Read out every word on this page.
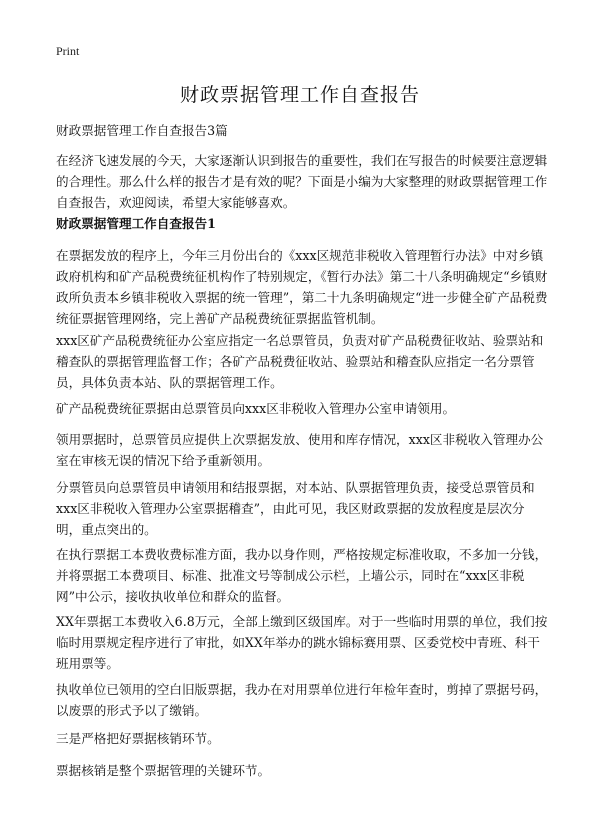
Print
财政票据管理工作自查报告

财政票据管理工作自查报告3篇

在经济飞速发展的今天，大家逐渐认识到报告的重要性，我们在写报告的时候要注意逻辑的合理性。那么什么样的报告才是有效的呢？下面是小编为大家整理的财政票据管理工作自查报告，欢迎阅读，希望大家能够喜欢。

财政票据管理工作自查报告1

在票据发放的程序上，今年三月份出台的《xxx区规范非税收入管理暂行办法》中对乡镇政府机构和矿产品税费统征机构作了特别规定，《暂行办法》第二十八条明确规定“乡镇财政所负责本乡镇非税收入票据的统一管理”，第二十九条明确规定“进一步健全矿产品税费统征票据管理网络，完上善矿产品税费统征票据监管机制。

xxx区矿产品税费统征办公室应指定一名总票管员，负责对矿产品税费征收站、验票站和稽查队的票据管理监督工作；各矿产品税费征收站、验票站和稽查队应指定一名分票管员，具体负责本站、队的票据管理工作。

矿产品税费统征票据由总票管员向xxx区非税收入管理办公室申请领用。

领用票据时，总票管员应提供上次票据发放、使用和库存情况，xxx区非税收入管理办公室在审核无误的情况下给予重新领用。

分票管员向总票管员申请领用和结报票据，对本站、队票据管理负责，接受总票管员和xxx区非税收入管理办公室票据稽查”，由此可见，我区财政票据的发放程度是层次分明，重点突出的。

在执行票据工本费收费标准方面，我办以身作则，严格按规定标准收取，不多加一分钱，并将票据工本费项目、标准、批准文号等制成公示栏，上墙公示，同时在“xxx区非税网”中公示，接收执收单位和群众的监督。

XX年票据工本费收入6.8万元，全部上缴到区级国库。对于一些临时用票的单位，我们按临时用票规定程序进行了审批，如XX年举办的跳水锦标赛用票、区委党校中青班、科干班用票等。

执收单位已领用的空白旧版票据，我办在对用票单位进行年检年查时，剪掉了票据号码，以废票的形式予以了缴销。

三是严格把好票据核销环节。

票据核销是整个票据管理的关键环节。
